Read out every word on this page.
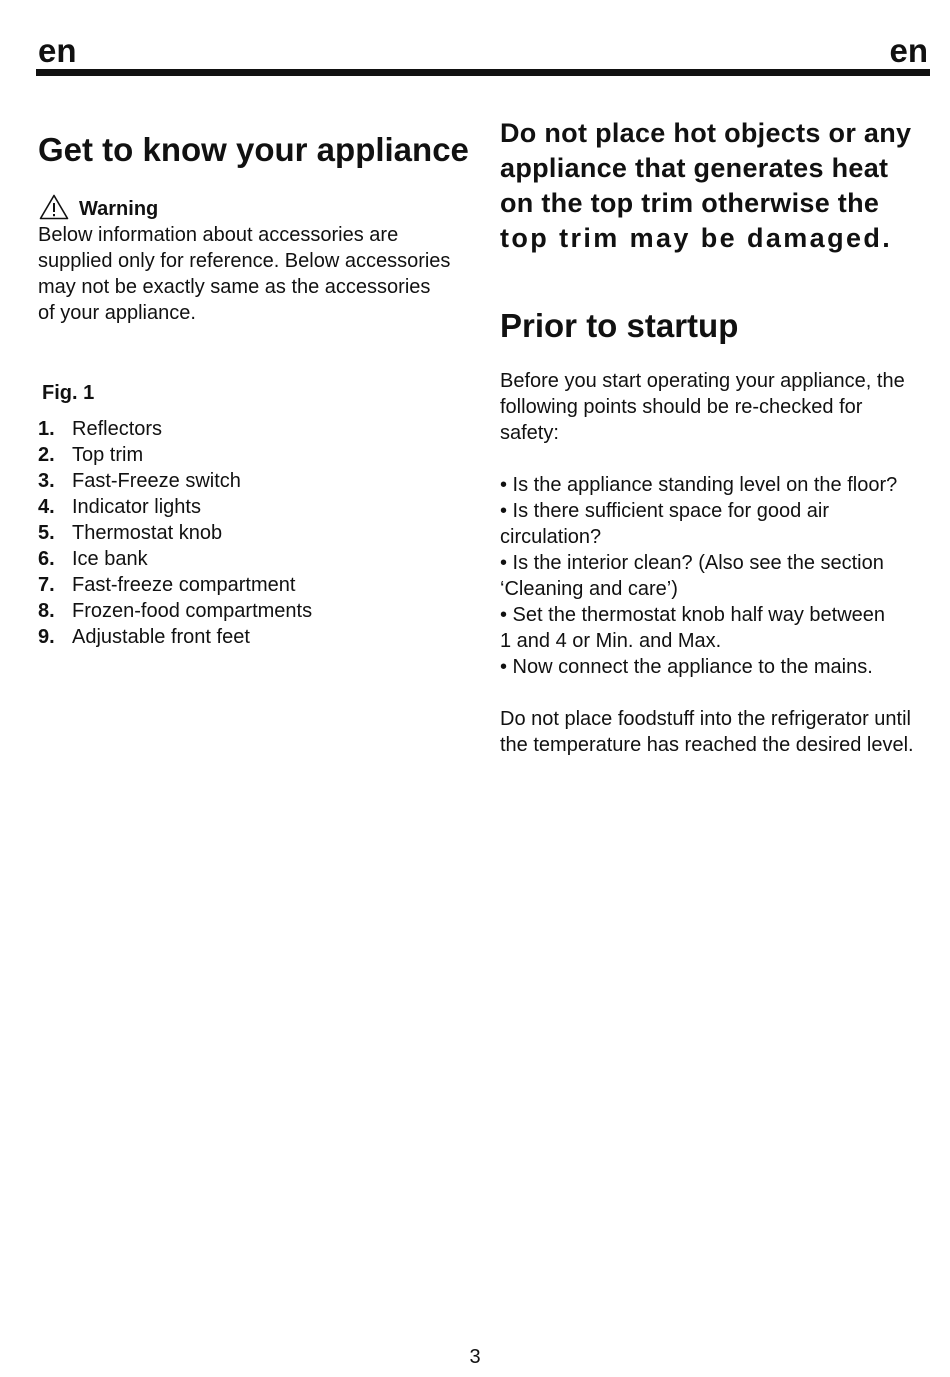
en	en
Get to know your appliance
Warning

Below information about accessories are

supplied only for reference. Below accessories

may not be exactly same as the accessories

of your appliance.

Fig. 1
1. Reflectors
2. Top trim
3. Fast-Freeze switch
4. Indicator lights
5. Thermostat knob
6. Ice bank
7. Fast-freeze compartment
8. Frozen-food compartments
9. Adjustable front feet

Do not place hot objects or any

appliance that generates heat

on the top trim otherwise the

top trim may be damaged.

Prior to startup

Before you start operating your appliance, the

following points should be re-checked for

safety:

• Is the appliance standing level on the floor?

• Is there sufficient space for good air

circulation?

• Is the interior clean? (Also see the section

‘Cleaning and care’)

• Set the thermostat knob half way between

1 and 4 or Min. and Max.

• Now connect the appliance to the mains.

Do not place foodstuff into the refrigerator until

the temperature has reached the desired level.

3
